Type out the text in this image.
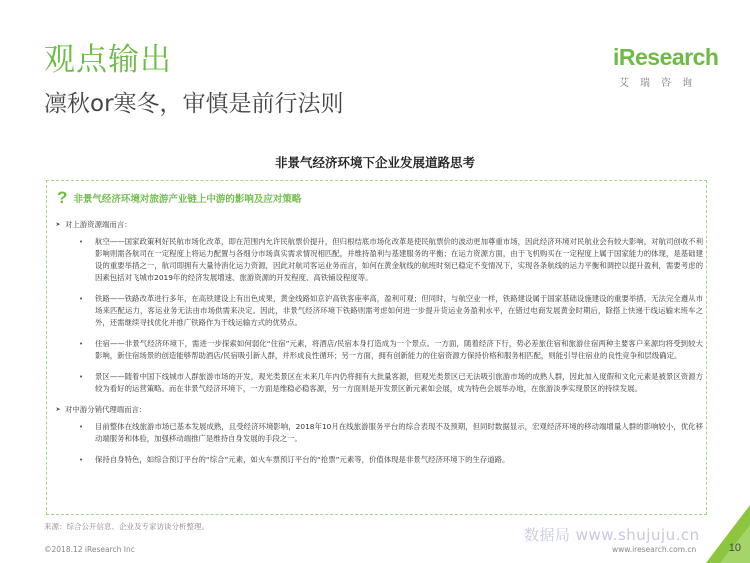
观点输出
凛秋or寒冬，审慎是前行法则
iResearch
艾瑞咨询
非景气经济环境下企业发展道路思考
? 非景气经济环境对旅游产业链上中游的影响及应对策略
➤ 对上游资源端而言：
•	航空——国家政策利好民航市场化改革，即在范围内允许民航票价提升，但归根结底市场化改革是使民航票价的波动更加尊重市场，因此经济环境对民航业会有较大影响，对航司创收不利影响则需各航司在一定程度上将运力配置与各细分市场真实需求情况相匹配，并维持盈利与基建服务的平衡；在运力资源方面，由于飞机购买在一定程度上属于国家能力的体现，是基础建设的重要举措之一，航司即拥有大量待消化运力资源，因此对航司客运业务而言，如何在黄金航线的航班时刻已稳定不变情况下，实现各条航线的运力平衡和调控以提升盈利，需要考虑的因素包括对飞城市2019年的经济发展增速、旅游资源的开发程度、高铁铺设程度等。
•	铁路——铁路改革进行多年，在高铁建设上有出色成果，黄金线路如京沪高铁客座率高，盈利可观；但同时，与航空业一样，铁路建设属于国家基础设施建设的重要举措，无法完全遵从市场来匹配运力，客运业务无法由市场供需来决定。因此，非景气经济环境下铁路则需考虑如何进一步提升货运业务盈利水平，在错过电商发展黄金时期后，除搭上快递干线运输末班车之外，还需继续寻找优化并推广铁路作为干线运输方式的优势点。
•	住宿——非景气经济环境下，需进一步探索如何弱化“住宿”元素，将酒店/民宿本身打造成为一个景点。一方面，随着经济下行，势必差旅住宿和旅游住宿两种主要客户来源均将受到较大影响，新住宿场景的创造能够帮助酒店/民宿吸引新人群，并形成良性循环；另一方面，拥有创新能力的住宿资源方保持价格和服务相匹配，则能引导住宿业的良性竞争和层级确定。
•	景区——随着中国下线城市人群旅游市场的开发，观光类景区在未来几年内仍将拥有大批量客源，但观光类景区已无法吸引旅游市场的成熟人群，因此加入度假和文化元素是被景区资源方较为看好的运营策略。而在非景气经济环境下，一方面是维稳必稳客源，另一方面则是开发景区新元素如会展，成为特色会展举办地，在旅游淡季实现景区的持续发展。
➤ 对中游分销代理端而言：
•	目前整体在线旅游市场已基本发展成熟，且受经济环境影响，2018年10月在线旅游服务平台的综合表现不及预期，但同时数据显示，宏观经济环境的移动端增量人群的影响较小，优化移动端服务和体验，加强移动端推广是维持自身发展的手段之一。
•	保持自身特色，如综合预订平台的“综合”元素，如火车票预订平台的“抢票”元素等，价值体现是非景气经济环境下的生存道路。
来源：综合公开信息、企业及专家访谈分析整理。
©2018.12 iResearch Inc	www.iresearch.com.cn
数据局 www.shujuju.cn
10
